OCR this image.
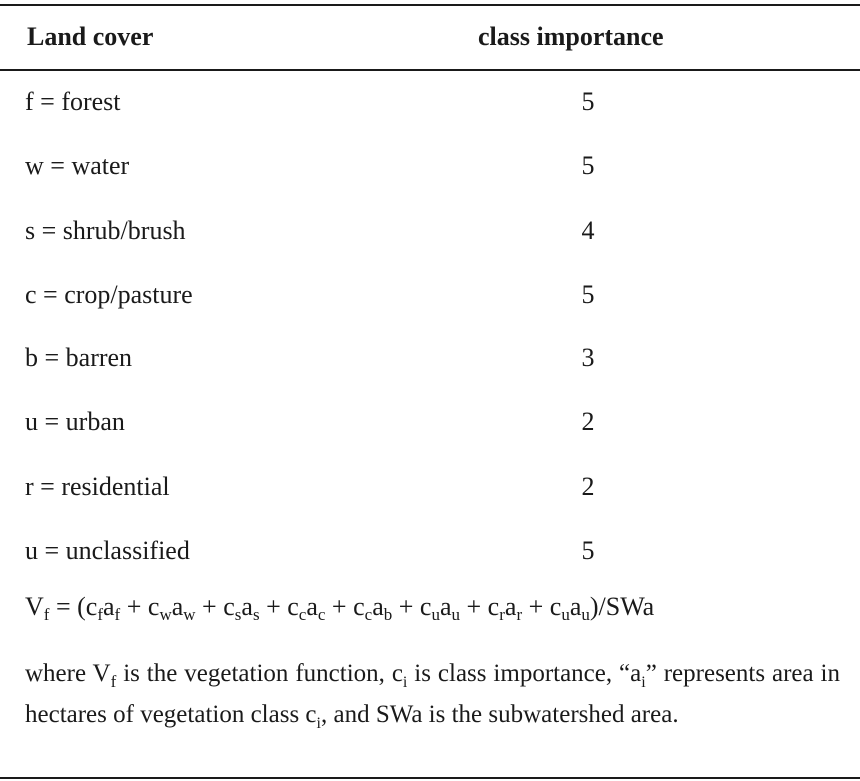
Land cover	class importance
f = forest	5
w = water	5
s = shrub/brush	4
c = crop/pasture	5
b = barren	3
u = urban	2
r = residential	2
u = unclassified	5
$V_f = (c_fa_f + c_wa_w + c_sa_s + c_ca_c + c_ca_b + c_ua_u + c_ra_r + c_ua_u)/SWa$

where $V_f$ is the vegetation function, $c_i$ is class importance, “$a_i$” represents area in hectares of vegetation class $c_i$, and SWa is the subwatershed area.
